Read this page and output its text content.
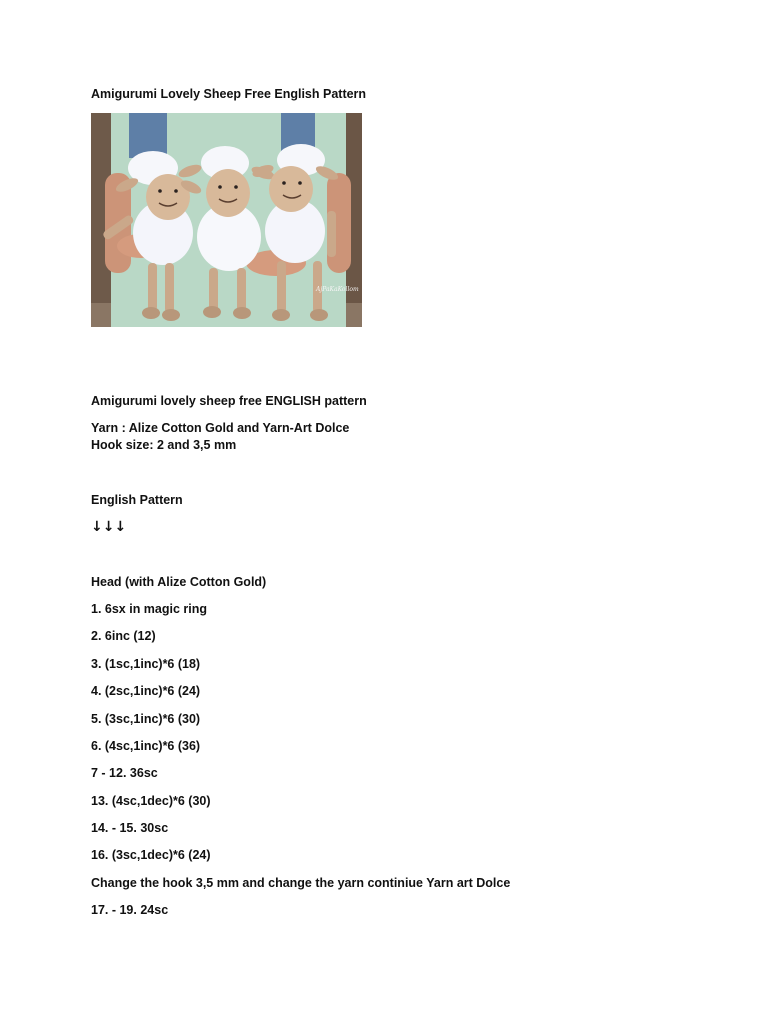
Amigurumi Lovely Sheep Free English Pattern
AjPaKaKollom
Amigurumi lovely sheep free ENGLISH pattern
Yarn : Alize Cotton Gold and Yarn-Art Dolce
Hook size: 2 and 3,5 mm
English Pattern
↓↓↓
Head (with Alize Cotton Gold)
1. 6sx in magic ring
2. 6inc (12)
3. (1sc,1inc)*6 (18)
4. (2sc,1inc)*6 (24)
5. (3sc,1inc)*6 (30)
6. (4sc,1inc)*6 (36)
7 - 12. 36sc
13. (4sc,1dec)*6 (30)
14. - 15. 30sc
16. (3sc,1dec)*6 (24)
Change the hook 3,5 mm and change the yarn continiue Yarn art Dolce
17. - 19. 24sc
